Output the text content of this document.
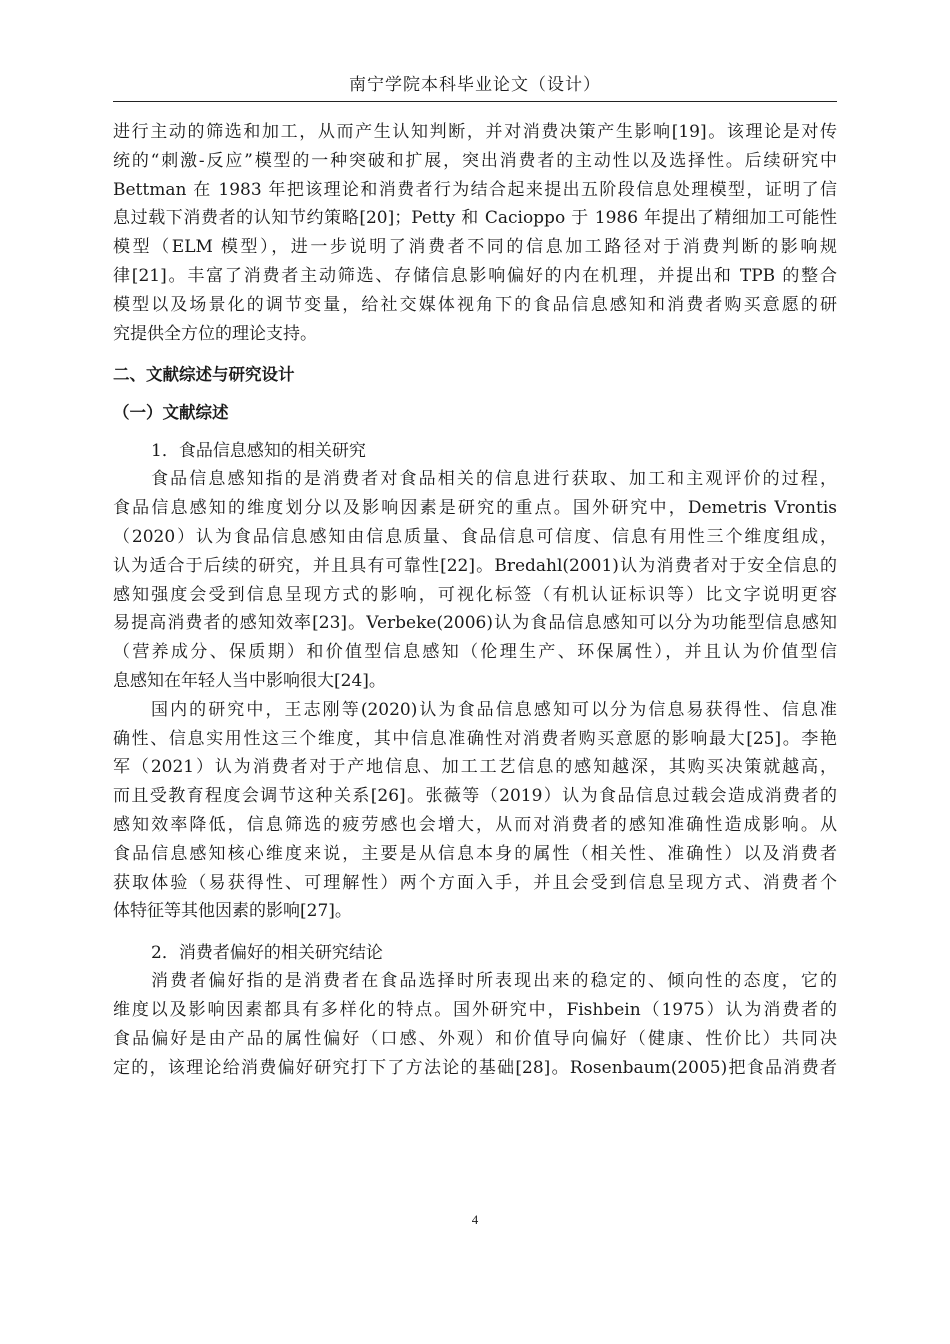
南宁学院本科毕业论文（设计）
进行主动的筛选和加工，从而产生认知判断，并对消费决策产生影响[19]。该理论是对传
统的“刺激-反应”模型的一种突破和扩展，突出消费者的主动性以及选择性。后续研究中
Bettman 在 1983 年把该理论和消费者行为结合起来提出五阶段信息处理模型，证明了信
息过载下消费者的认知节约策略[20]；Petty 和 Cacioppo 于 1986 年提出了精细加工可能性
模型（ELM 模型），进一步说明了消费者不同的信息加工路径对于消费判断的影响规
律[21]。丰富了消费者主动筛选、存储信息影响偏好的内在机理，并提出和 TPB 的整合
模型以及场景化的调节变量，给社交媒体视角下的食品信息感知和消费者购买意愿的研
究提供全方位的理论支持。
二、文献综述与研究设计
（一）文献综述
1．食品信息感知的相关研究
食品信息感知指的是消费者对食品相关的信息进行获取、加工和主观评价的过程，
食品信息感知的维度划分以及影响因素是研究的重点。国外研究中，Demetris Vrontis
（2020）认为食品信息感知由信息质量、食品信息可信度、信息有用性三个维度组成，
认为适合于后续的研究，并且具有可靠性[22]。Bredahl(2001)认为消费者对于安全信息的
感知强度会受到信息呈现方式的影响，可视化标签（有机认证标识等）比文字说明更容
易提高消费者的感知效率[23]。Verbeke(2006)认为食品信息感知可以分为功能型信息感知
（营养成分、保质期）和价值型信息感知（伦理生产、环保属性），并且认为价值型信
息感知在年轻人当中影响很大[24]。
国内的研究中，王志刚等(2020)认为食品信息感知可以分为信息易获得性、信息准
确性、信息实用性这三个维度，其中信息准确性对消费者购买意愿的影响最大[25]。李艳
军（2021）认为消费者对于产地信息、加工工艺信息的感知越深，其购买决策就越高，
而且受教育程度会调节这种关系[26]。张薇等（2019）认为食品信息过载会造成消费者的
感知效率降低，信息筛选的疲劳感也会增大，从而对消费者的感知准确性造成影响。从
食品信息感知核心维度来说，主要是从信息本身的属性（相关性、准确性）以及消费者
获取体验（易获得性、可理解性）两个方面入手，并且会受到信息呈现方式、消费者个
体特征等其他因素的影响[27]。
2．消费者偏好的相关研究结论
消费者偏好指的是消费者在食品选择时所表现出来的稳定的、倾向性的态度，它的
维度以及影响因素都具有多样化的特点。国外研究中，Fishbein（1975）认为消费者的
食品偏好是由产品的属性偏好（口感、外观）和价值导向偏好（健康、性价比）共同决
定的，该理论给消费偏好研究打下了方法论的基础[28]。Rosenbaum(2005)把食品消费者
4
